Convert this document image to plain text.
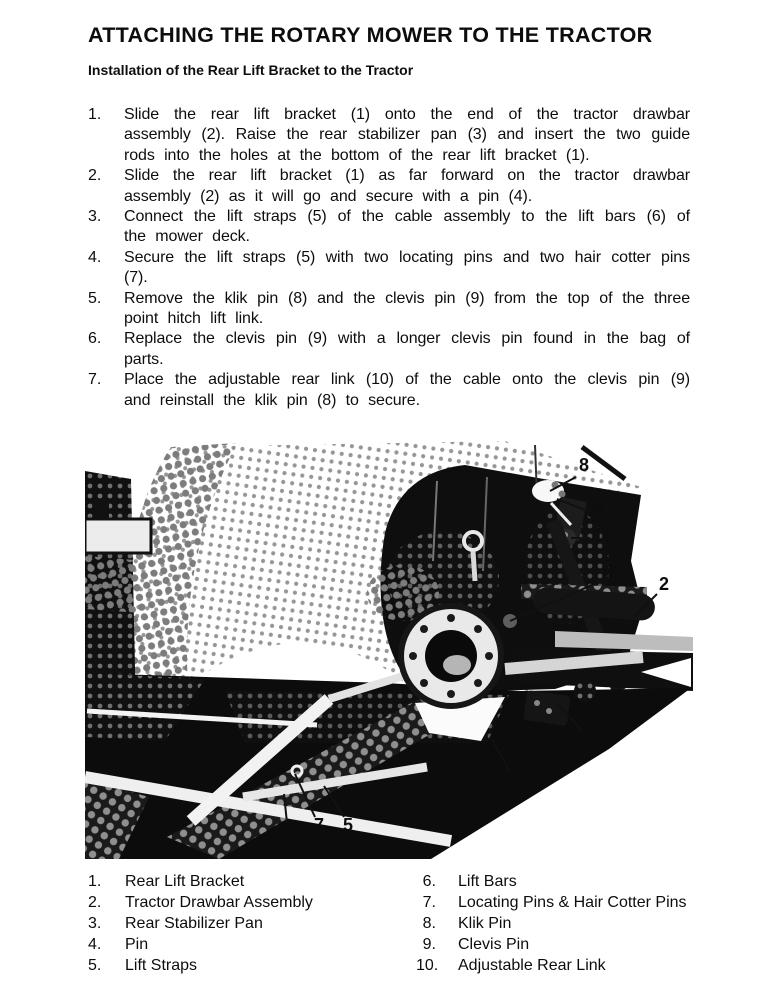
ATTACHING THE ROTARY MOWER TO THE TRACTOR
Installation of the Rear Lift Bracket to the Tractor
1.	Slide the rear lift bracket (1) onto the end of the tractor drawbar assembly (2). Raise the rear stabilizer pan (3) and insert the two guide rods into the holes at the bottom of the rear lift bracket (1).
2.	Slide the rear lift bracket (1) as far forward on the tractor drawbar assembly (2) as it will go and secure with a pin (4).
3.	Connect the lift straps (5) of the cable assembly to the lift bars (6) of the mower deck.
4.	Secure the lift straps (5) with two locating pins and two hair cotter pins (7).
5.	Remove the klik pin (8) and the clevis pin (9) from the top of the three point hitch lift link.
6.	Replace the clevis pin (9) with a longer clevis pin found in the bag of parts.
7.	Place the adjustable rear link (10) of the cable onto the clevis pin (9) and reinstall the klik pin (8) to secure.
8
9
10
4
2
1
3
6 7 5
1.	Rear Lift Bracket
2.	Tractor Drawbar Assembly
3.	Rear Stabilizer Pan
4.	Pin
5.	Lift Straps
6. Lift Bars
7. Locating Pins & Hair Cotter Pins
8. Klik Pin
9. Clevis Pin
10. Adjustable Rear Link
